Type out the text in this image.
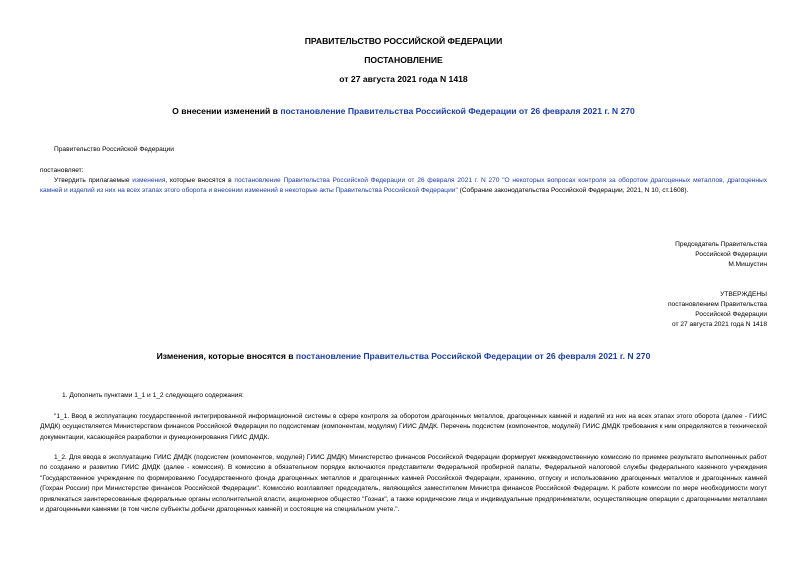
ПРАВИТЕЛЬСТВО РОССИЙСКОЙ ФЕДЕРАЦИИ
ПОСТАНОВЛЕНИЕ
от 27 августа 2021 года N 1418
О внесении изменений в постановление Правительства Российской Федерации от 26 февраля 2021 г. N 270
Правительство Российской Федерации
постановляет:
Утвердить прилагаемые изменения, которые вносятся в постановление Правительства Российской Федерации от 26 февраля 2021 г. N 270 "О некоторых вопросах контроля за оборотом драгоценных металлов, драгоценных камней и изделий из них на всех этапах этого оборота и внесении изменений в некоторые акты Правительства Российской Федерации" (Собрание законодательства Российской Федерации, 2021, N 10, ст.1608).
Председатель Правительства
Российской Федерации
М.Мишустин
УТВЕРЖДЕНЫ
постановлением Правительства
Российской Федерации
от 27 августа 2021 года N 1418
Изменения, которые вносятся в постановление Правительства Российской Федерации от 26 февраля 2021 г. N 270
1. Дополнить пунктами 1_1 и 1_2 следующего содержания:
"1_1. Ввод в эксплуатацию государственной интегрированной информационной системы в сфере контроля за оборотом драгоценных металлов, драгоценных камней и изделий из них на всех этапах этого оборота (далее - ГИИС ДМДК) осуществляется Министерством финансов Российской Федерации по подсистемам (компонентам, модулям) ГИИС ДМДК. Перечень подсистем (компонентов, модулей) ГИИС ДМДК требования к ним определяются в технической документации, касающейся разработки и функционирования ГИИС ДМДК.
1_2. Для ввода в эксплуатацию ГИИС ДМДК (подсистем (компонентов, модулей) ГИИС ДМДК) Министерство финансов Российской Федерации формирует межведомственную комиссию по приемке результато выполненных работ по созданию и развитию ГИИС ДМДК (далее - комиссия). В комиссию в обязательном порядке включаются представители Федеральной пробирной палаты, Федеральной налоговой службы федерального казенного учреждения "Государственное учреждение по формированию Государственного фонда драгоценных металлов и драгоценных камней Российской Федерации, хранению, отпуску и использованию драгоценных металлов и драгоценных камней (Гохран России) при Министерстве финансов Российской Федерации". Комиссию возглавляет председатель, являющийся заместителем Министра финансов Российской Федерации. К работе комиссии по мере необходимости могут привлекаться заинтересованные федеральные органы исполнительной власти, акционерное общество "Гознак", а также юридические лица и индивидуальные предприниматели, осуществляющие операции с драгоценными металлами и драгоценными камнями (в том числе субъекты добычи драгоценных камней) и состоящие на специальном учете.".
